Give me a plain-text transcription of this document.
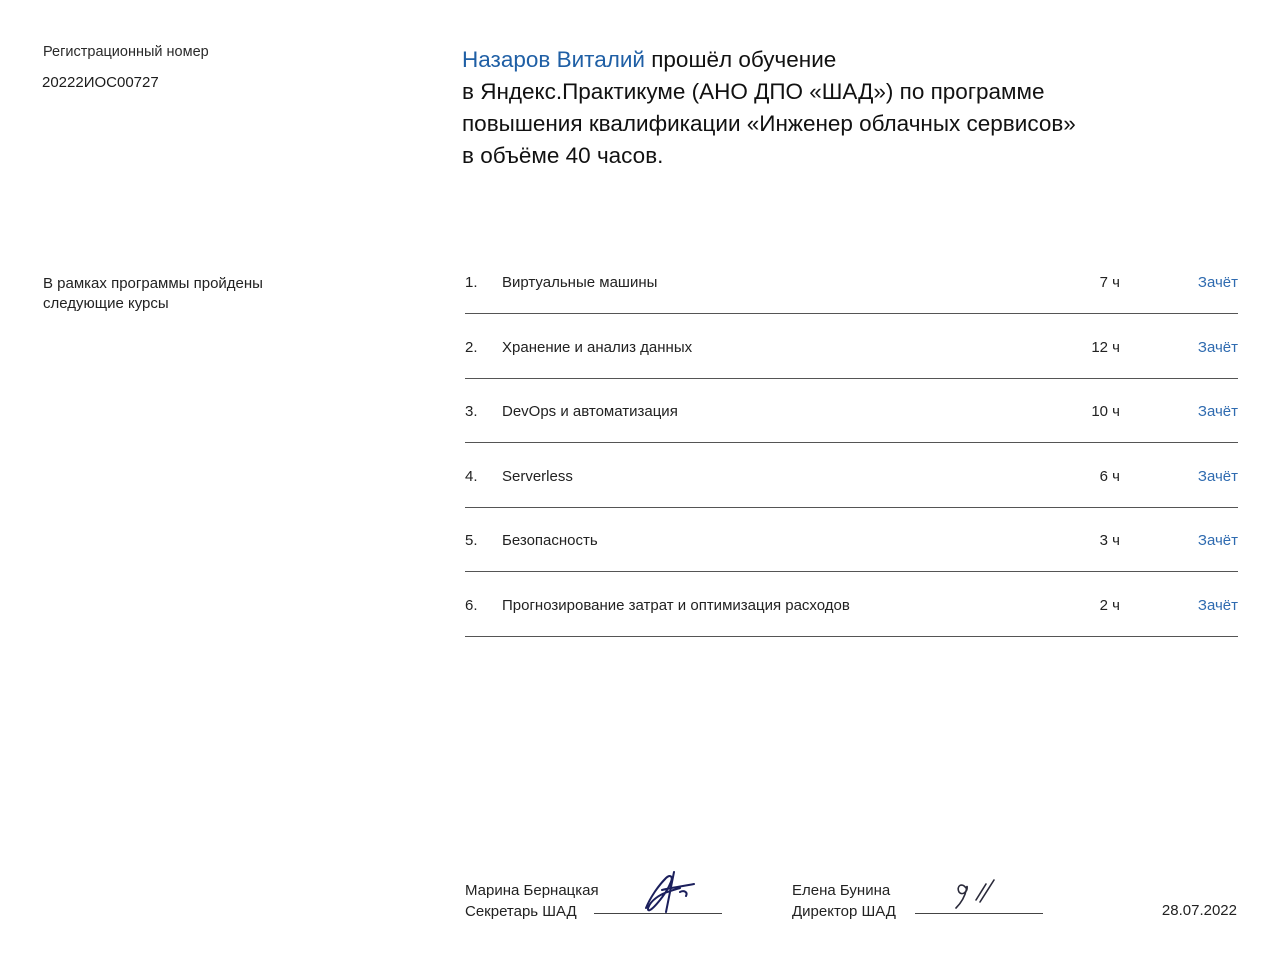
Регистрационный номер
20222ИОС00727
Назаров Виталий прошёл обучение
в Яндекс.Практикуме (АНО ДПО «ШАД») по программе
повышения квалификации «Инженер облачных сервисов»
в объёме 40 часов.
В рамках программы пройдены следующие курсы
1. Виртуальные машины	7 ч	Зачёт
2. Хранение и анализ данных	12 ч	Зачёт
3. DevOps и автоматизация	10 ч	Зачёт
4. Serverless	6 ч	Зачёт
5. Безопасность	3 ч	Зачёт
6. Прогнозирование затрат и оптимизация расходов	2 ч	Зачёт
Марина Бернацкая
Секретарь ШАД
Елена Бунина
Директор ШАД	28.07.2022
